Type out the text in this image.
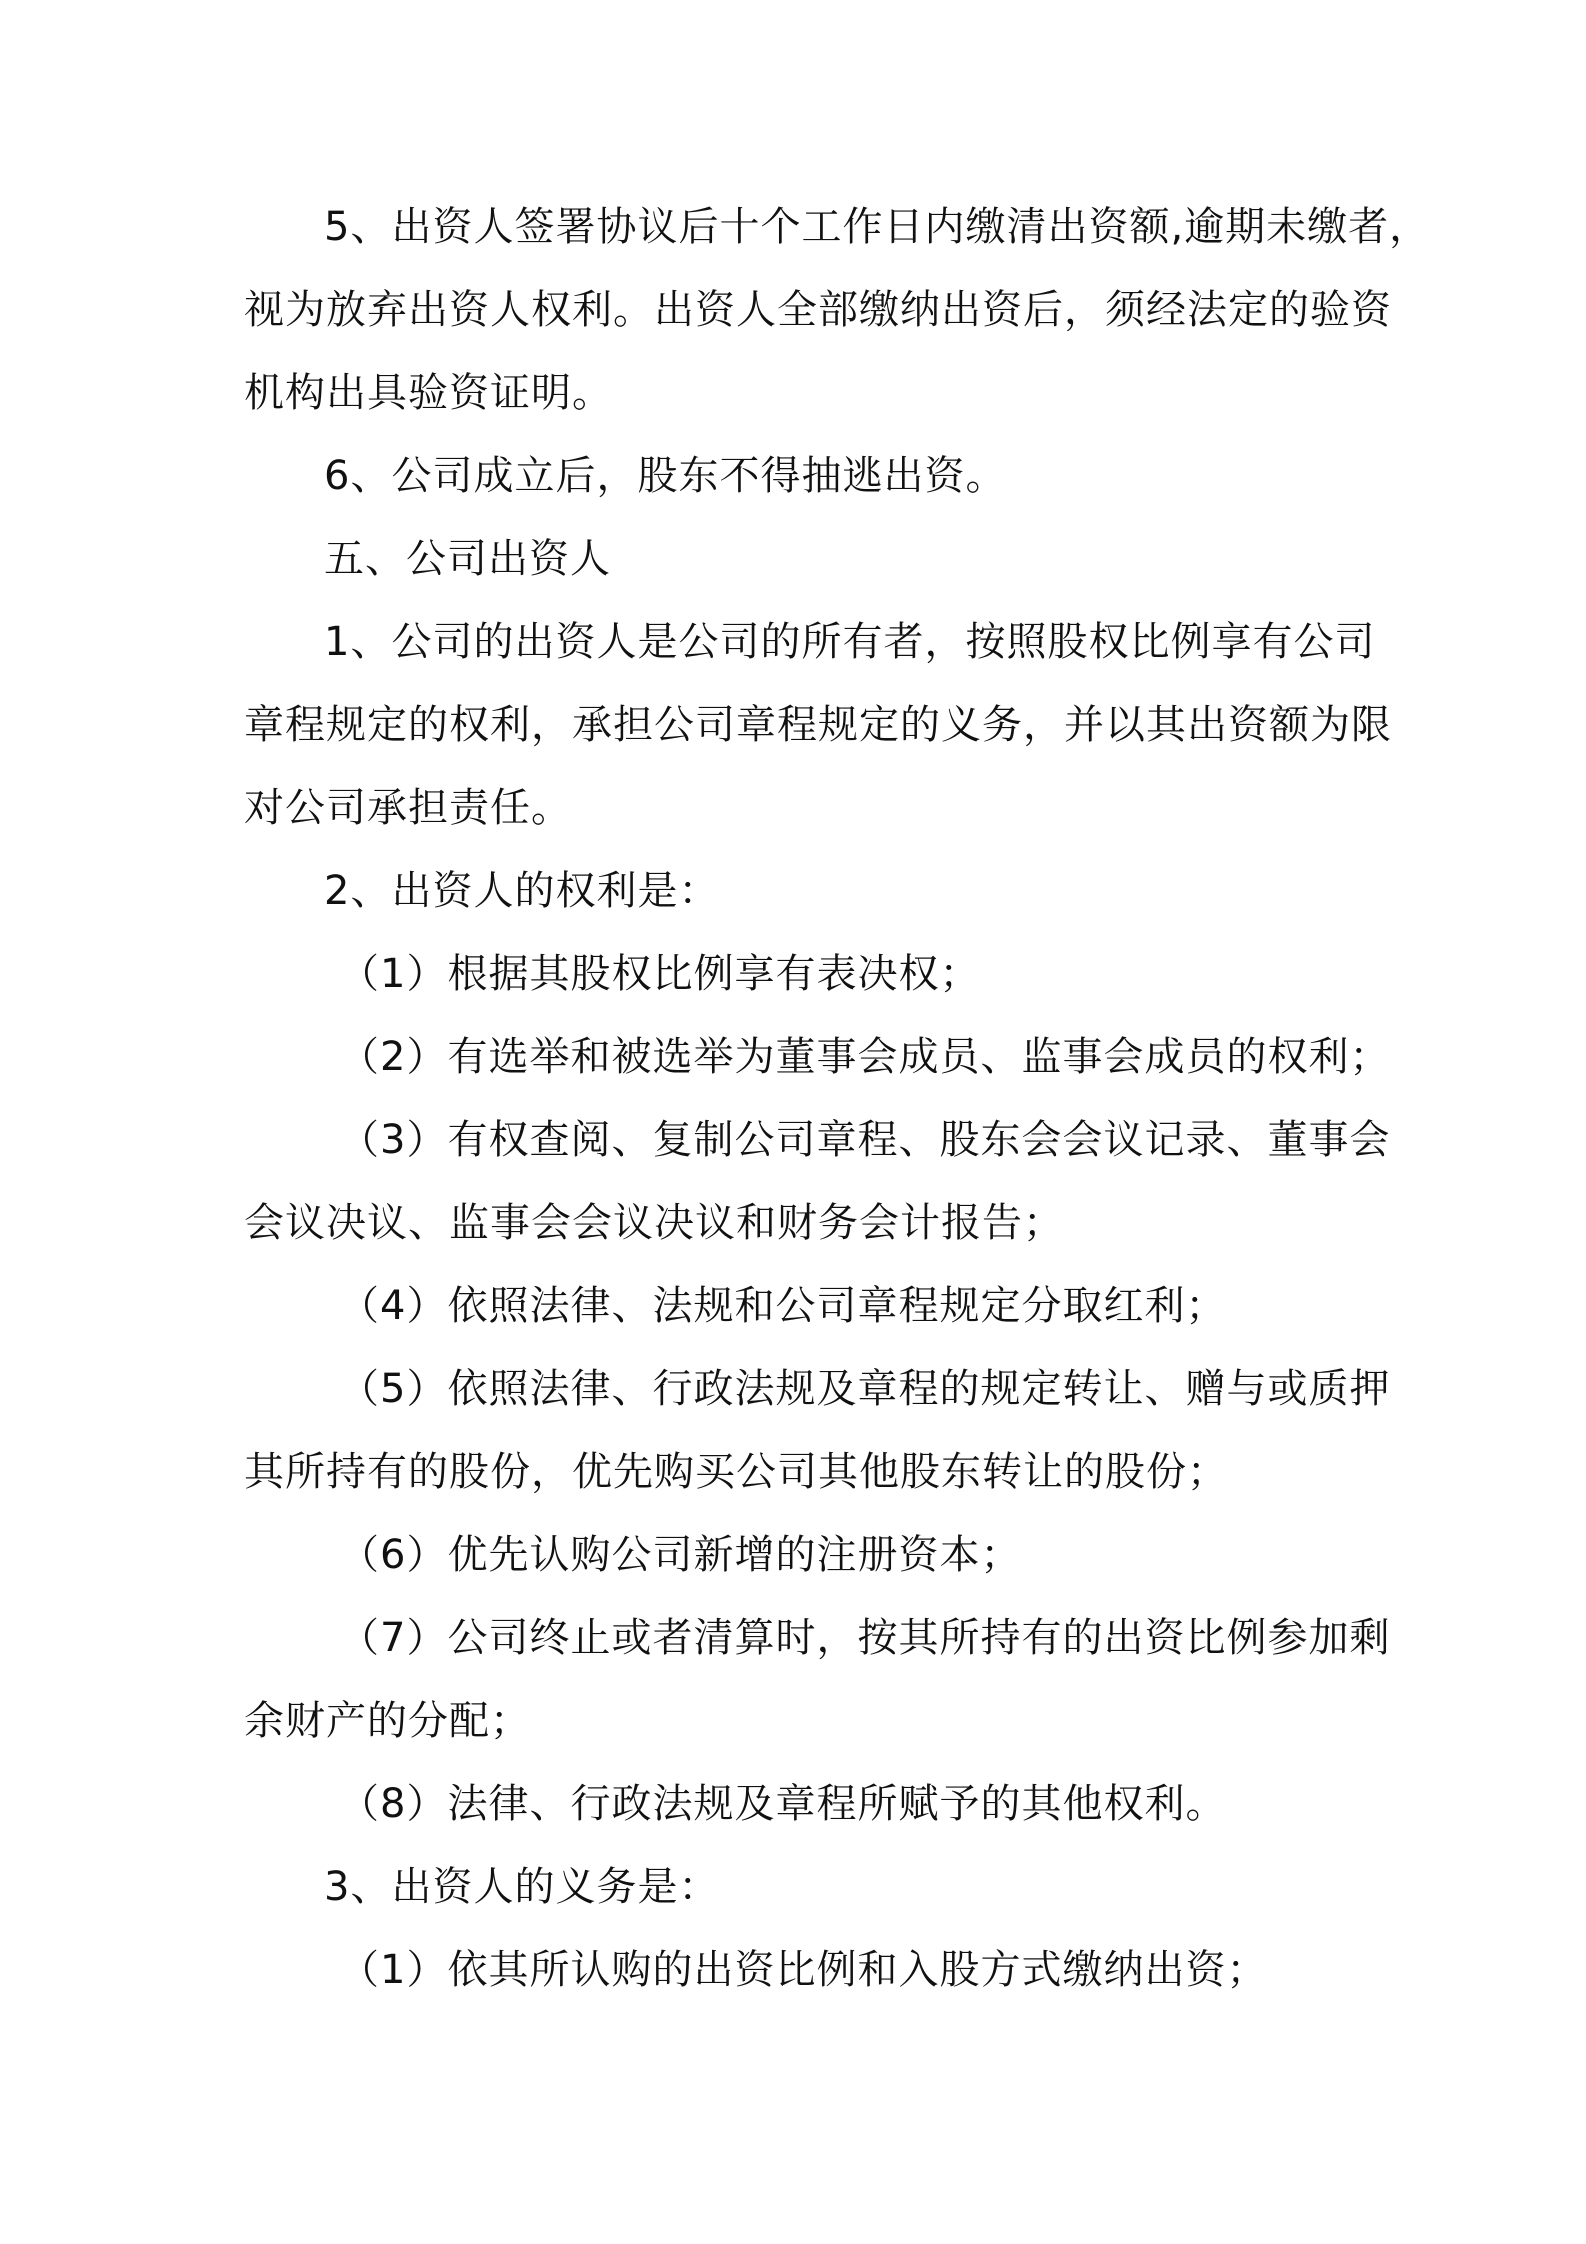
5、出资人签署协议后十个工作日内缴清出资额,逾期未缴者，
视为放弃出资人权利。出资人全部缴纳出资后，须经法定的验资
机构出具验资证明。

6、公司成立后，股东不得抽逃出资。

五、公司出资人

1、公司的出资人是公司的所有者，按照股权比例享有公司
章程规定的权利，承担公司章程规定的义务，并以其出资额为限
对公司承担责任。

2、出资人的权利是：

（1）根据其股权比例享有表决权；

（2）有选举和被选举为董事会成员、监事会成员的权利；

（3）有权查阅、复制公司章程、股东会会议记录、董事会
会议决议、监事会会议决议和财务会计报告；

（4）依照法律、法规和公司章程规定分取红利；

（5）依照法律、行政法规及章程的规定转让、赠与或质押
其所持有的股份，优先购买公司其他股东转让的股份；

（6）优先认购公司新增的注册资本；

（7）公司终止或者清算时，按其所持有的出资比例参加剩
余财产的分配；

（8）法律、行政法规及章程所赋予的其他权利。

3、出资人的义务是：

（1）依其所认购的出资比例和入股方式缴纳出资；
